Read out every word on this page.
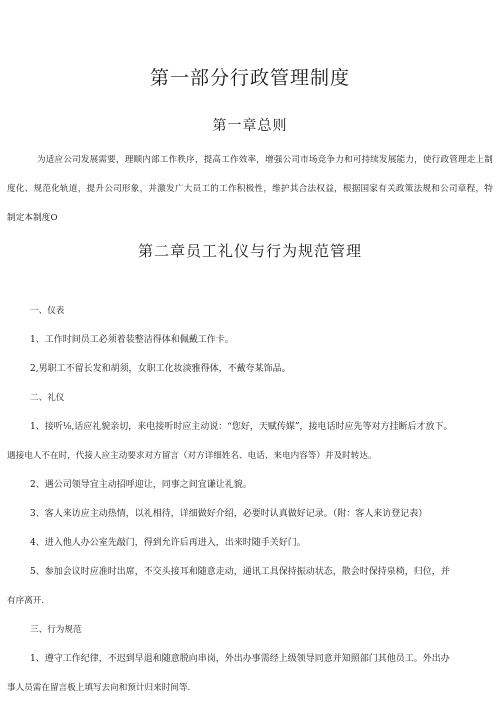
第一部分行政管理制度
第一章总则
为适应公司发展需要，理顺内部工作秩序，提高工作效率，增强公司市场竞争力和可持续发展能力，使行政管理走上制度化、规范化轨道，提升公司形象，并激发广大员工的工作积极性，维护其合法权益，根据国家有关政策法规和公司章程，特制定本制度O
第二章员工礼仪与行为规范管理
一、仪表
1、工作时间员工必须着装整洁得体和佩戴工作卡。
2,男职工不留长发和胡须，女职工化妆淡雅得体，不戴夸某饰品。
二、礼仪
1、接听⅛,话应礼貌亲切，来电接听时应主动说：“您好，天赋传媒”，接电话时应先等对方挂断后才放下。
遇接电人不在时，代接人应主动要求对方留言（对方详细姓名、电话、来电内容等）并及时转达。
2、遇公司领导宜主动招呼迎让，同事之间宜谦让礼貌。
3、客人来访应主动热情，以礼相待，详细做好介绍，必要时认真做好记录。（附：客人来访登记表）
4、进入他人办公室先敲门，得到允许后再进入，出来时随手关好门。
5、参加会议时应准时出席，不交头接耳和随意走动，通讯工具保持振动状态，散会时保持泉椅，归位，并
有序离开.
三、行为规范
1、遵守工作纪律，不迟到早退和随意脱向串岗，外出办事需经上级领导同意并知照部门其他员工。外出办
事人员需在留言板上填写去向和预计归来时间等.
